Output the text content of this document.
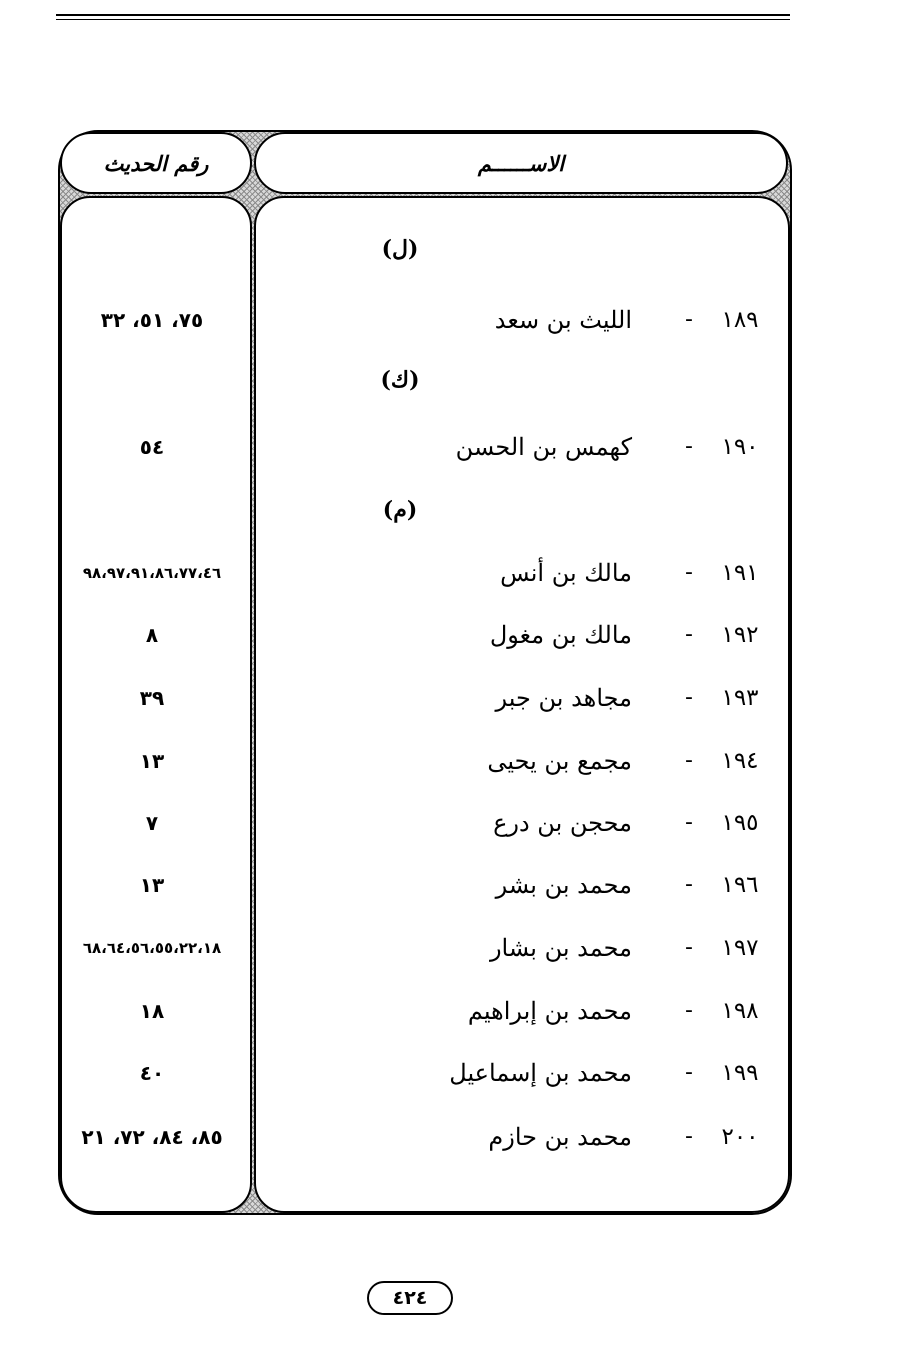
الاســــــم
رقم الحديث
(ل)
(ك)
(م)
١٨٩
-
الليث بن سعد
٧٥، ٥١، ٣٢
١٩٠
-
كهمس بن الحسن
٥٤
١٩١
-
مالك بن أنس
٩٨،٩٧،٩١،٨٦،٧٧،٤٦
١٩٢
-
مالك بن مغول
٨
١٩٣
-
مجاهد بن جبر
٣٩
١٩٤
-
مجمع بن يحيى
١٣
١٩٥
-
محجن بن درع
٧
١٩٦
-
محمد بن بشر
١٣
١٩٧
-
محمد بن بشار
٦٨،٦٤،٥٦،٥٥،٢٢،١٨
١٩٨
-
محمد بن إبراهيم
١٨
١٩٩
-
محمد بن إسماعيل
٤٠
٢٠٠
-
محمد بن حازم
٨٥، ٨٤، ٧٢، ٢١
٤٢٤
